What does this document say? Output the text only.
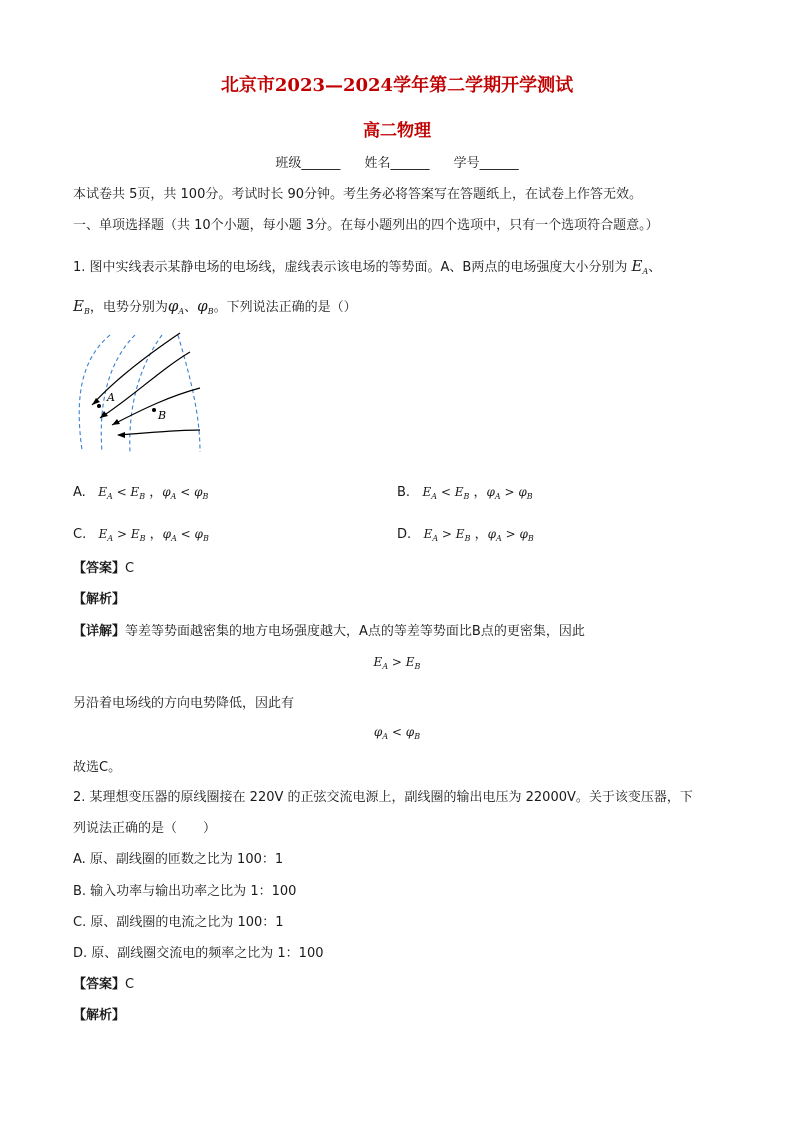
北京市2023—2024学年第二学期开学测试
高二物理
班级______ 姓名______ 学号______
本试卷共 5页，共 100分。考试时长 90分钟。考生务必将答案写在答题纸上，在试卷上作答无效。
一、单项选择题（共 10个小题，每小题 3分。在每小题列出的四个选项中，只有一个选项符合题意。）
1. 图中实线表示某静电场的电场线，虚线表示该电场的等势面。A、B两点的电场强度大小分别为 $E_A$、
$E_B$，电势分别为$\varphi_A$、$\varphi_B$。下列说法正确的是（）
A
B
A. $E_A < E_B$ ，$\varphi_A < \varphi_B$	B. $E_A < E_B$ ，$\varphi_A > \varphi_B$
C. $E_A > E_B$ ，$\varphi_A < \varphi_B$	D. $E_A > E_B$ ，$\varphi_A > \varphi_B$
【答案】C
【解析】
【详解】等差等势面越密集的地方电场强度越大，A点的等差等势面比B点的更密集，因此
$E_A > E_B$
另沿着电场线的方向电势降低，因此有
$\varphi_A < \varphi_B$
故选C。
2. 某理想变压器的原线圈接在 220V 的正弦交流电源上，副线圈的输出电压为 22000V。关于该变压器，下
列说法正确的是（　　）
A. 原、副线圈的匝数之比为 100：1
B. 输入功率与输出功率之比为 1：100
C. 原、副线圈的电流之比为 100：1
D. 原、副线圈交流电的频率之比为 1：100
【答案】C
【解析】
